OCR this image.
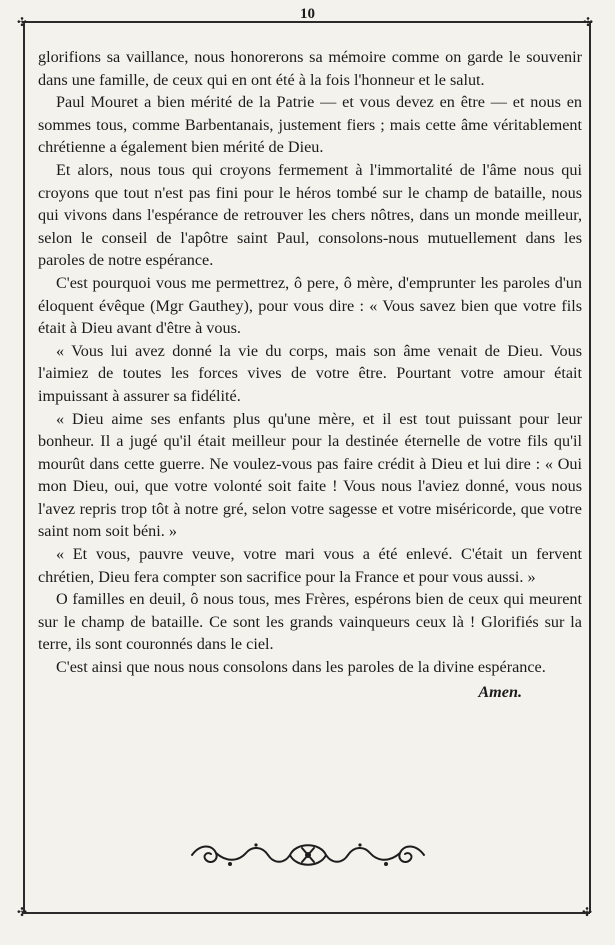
✣	✣
✣	✣
10

glorifions sa vaillance, nous honorerons sa mémoire comme on garde le souvenir dans une famille, de ceux qui en ont été à la fois l'honneur et le salut.

Paul Mouret a bien mérité de la Patrie — et vous devez en être — et nous en sommes tous, comme Barbentanais, justement fiers ; mais cette âme véritablement chrétienne a également bien mérité de Dieu.

Et alors, nous tous qui croyons fermement à l'immortalité de l'âme nous qui croyons que tout n'est pas fini pour le héros tombé sur le champ de bataille, nous qui vivons dans l'espérance de retrouver les chers nôtres, dans un monde meilleur, selon le conseil de l'apôtre saint Paul, consolons-nous mutuellement dans les paroles de notre espérance.

C'est pourquoi vous me permettrez, ô pere, ô mère, d'emprunter les paroles d'un éloquent évêque (Mgr Gauthey), pour vous dire : « Vous savez bien que votre fils était à Dieu avant d'être à vous.

« Vous lui avez donné la vie du corps, mais son âme venait de Dieu. Vous l'aimiez de toutes les forces vives de votre être. Pourtant votre amour était impuissant à assurer sa fidélité.

« Dieu aime ses enfants plus qu'une mère, et il est tout puissant pour leur bonheur. Il a jugé qu'il était meilleur pour la destinée éternelle de votre fils qu'il mourût dans cette guerre. Ne voulez-vous pas faire crédit à Dieu et lui dire : « Oui mon Dieu, oui, que votre volonté soit faite ! Vous nous l'aviez donné, vous nous l'avez repris trop tôt à notre gré, selon votre sagesse et votre miséricorde, que votre saint nom soit béni. »

« Et vous, pauvre veuve, votre mari vous a été enlevé. C'était un fervent chrétien, Dieu fera compter son sacrifice pour la France et pour vous aussi. »

O familles en deuil, ô nous tous, mes Frères, espérons bien de ceux qui meurent sur le champ de bataille. Ce sont les grands vainqueurs ceux là ! Glorifiés sur la terre, ils sont couronnés dans le ciel.

C'est ainsi que nous nous consolons dans les paroles de la divine espérance.

Amen.
